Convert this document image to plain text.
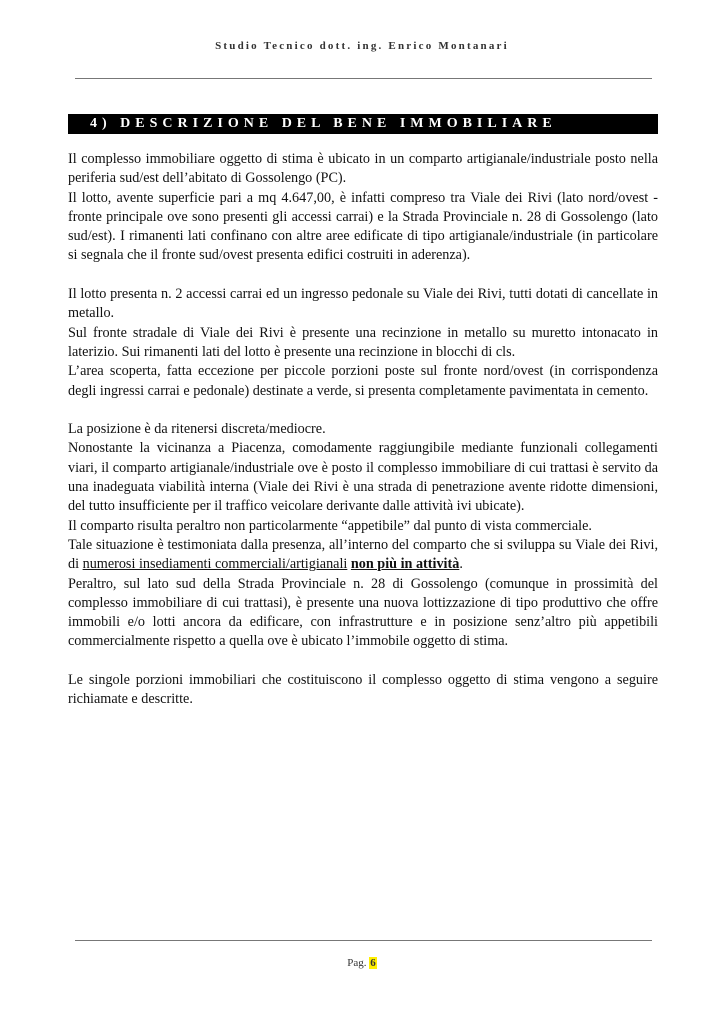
Studio Tecnico dott. ing. Enrico Montanari
4) DESCRIZIONE DEL BENE IMMOBILIARE

Il complesso immobiliare oggetto di stima è ubicato in un comparto artigianale/industriale posto nella periferia sud/est dell’abitato di Gossolengo (PC).

Il lotto, avente superficie pari a mq 4.647,00, è infatti compreso tra Viale dei Rivi (lato nord/ovest - fronte principale ove sono presenti gli accessi carrai) e la Strada Provinciale n. 28 di Gossolengo (lato sud/est). I rimanenti lati confinano con altre aree edificate di tipo artigianale/industriale (in particolare si segnala che il fronte sud/ovest presenta edifici costruiti in aderenza).

Il lotto presenta n. 2 accessi carrai ed un ingresso pedonale su Viale dei Rivi, tutti dotati di cancellate in metallo.

Sul fronte stradale di Viale dei Rivi è presente una recinzione in metallo su muretto intonacato in laterizio. Sui rimanenti lati del lotto è presente una recinzione in blocchi di cls.

L’area scoperta, fatta eccezione per piccole porzioni poste sul fronte nord/ovest (in corrispondenza degli ingressi carrai e pedonale) destinate a verde, si presenta completamente pavimentata in cemento.

La posizione è da ritenersi discreta/mediocre.

Nonostante la vicinanza a Piacenza, comodamente raggiungibile mediante funzionali collegamenti viari, il comparto artigianale/industriale ove è posto il complesso immobiliare di cui trattasi è servito da una inadeguata viabilità interna (Viale dei Rivi è una strada di penetrazione avente ridotte dimensioni, del tutto insufficiente per il traffico veicolare derivante dalle attività ivi ubicate).

Il comparto risulta peraltro non particolarmente “appetibile” dal punto di vista commerciale.

Tale situazione è testimoniata dalla presenza, all’interno del comparto che si sviluppa su Viale dei Rivi, di numerosi insediamenti commerciali/artigianali non più in attività.

Peraltro, sul lato sud della Strada Provinciale n. 28 di Gossolengo (comunque in prossimità del complesso immobiliare di cui trattasi), è presente una nuova lottizzazione di tipo produttivo che offre immobili e/o lotti ancora da edificare, con infrastrutture e in posizione senz’altro più appetibili commercialmente rispetto a quella ove è ubicato l’immobile oggetto di stima.

Le singole porzioni immobiliari che costituiscono il complesso oggetto di stima vengono a seguire richiamate e descritte.

Pag. 6
